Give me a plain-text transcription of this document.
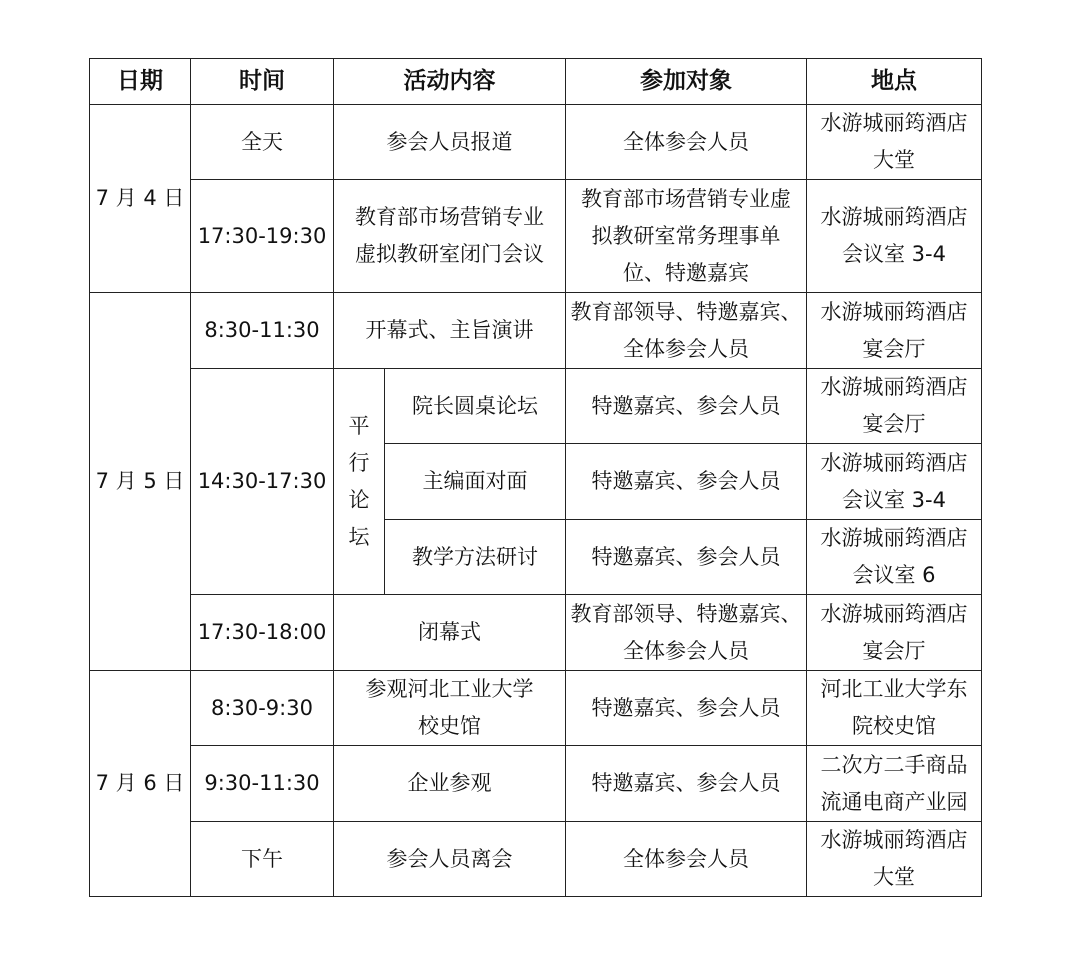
日期	时间	活动内容		参加对象	地点
7 月 4 日	全天	参会人员报道		全体参会人员	水游城丽筠酒店
大堂

	17:30-19:30	教育部市场营销专业
虚拟教研室闭门会议		教育部市场营销专业虚
拟教研室常务理事单
位、特邀嘉宾	水游城丽筠酒店
会议室 3-4

7 月 5 日	8:30-11:30	开幕式、主旨演讲		教育部领导、特邀嘉宾、
全体参会人员	水游城丽筠酒店
宴会厅

	14:30-17:30	平
行
论
坛	院长圆桌论坛	特邀嘉宾、参会人员	水游城丽筠酒店
宴会厅

			主编面对面	特邀嘉宾、参会人员	水游城丽筠酒店
会议室 3-4

			教学方法研讨	特邀嘉宾、参会人员	水游城丽筠酒店
会议室 6

	17:30-18:00	闭幕式		教育部领导、特邀嘉宾、
全体参会人员	水游城丽筠酒店
宴会厅

7 月 6 日	8:30-9:30	参观河北工业大学
校史馆		特邀嘉宾、参会人员	河北工业大学东
院校史馆

	9:30-11:30	企业参观		特邀嘉宾、参会人员	二次方二手商品
流通电商产业园

	下午	参会人员离会		全体参会人员	水游城丽筠酒店
大堂
